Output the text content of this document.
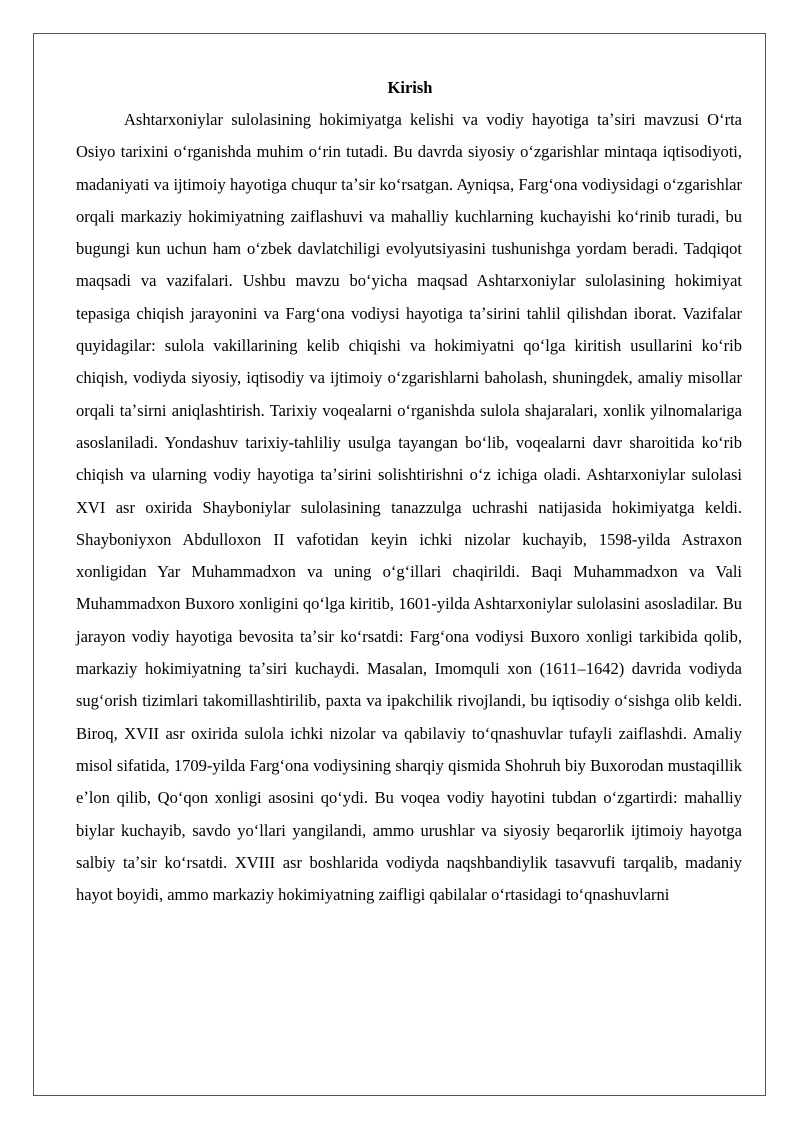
Kirish

Ashtarxoniylar sulolasining hokimiyatga kelishi va vodiy hayotiga taʼsiri mavzusi Oʻrta Osiyo tarixini oʻrganishda muhim oʻrin tutadi. Bu davrda siyosiy oʻzgarishlar mintaqa iqtisodiyoti, madaniyati va ijtimoiy hayotiga chuqur taʼsir koʻrsatgan. Ayniqsa, Fargʻona vodiysidagi oʻzgarishlar orqali markaziy hokimiyatning zaiflashuvi va mahalliy kuchlarning kuchayishi koʻrinib turadi, bu bugungi kun uchun ham oʻzbek davlatchiligi evolyutsiyasini tushunishga yordam beradi. Tadqiqot maqsadi va vazifalari. Ushbu mavzu boʻyicha maqsad Ashtarxoniylar sulolasining hokimiyat tepasiga chiqish jarayonini va Fargʻona vodiysi hayotiga taʼsirini tahlil qilishdan iborat. Vazifalar quyidagilar: sulola vakillarining kelib chiqishi va hokimiyatni qoʻlga kiritish usullarini koʻrib chiqish, vodiyda siyosiy, iqtisodiy va ijtimoiy oʻzgarishlarni baholash, shuningdek, amaliy misollar orqali taʼsirni aniqlashtirish. Tarixiy voqealarni oʻrganishda sulola shajaralari, xonlik yilnomalariga asoslaniladi. Yondashuv tarixiy-tahliliy usulga tayangan boʻlib, voqealarni davr sharoitida koʻrib chiqish va ularning vodiy hayotiga taʼsirini solishtirishni oʻz ichiga oladi. Ashtarxoniylar sulolasi XVI asr oxirida Shayboniylar sulolasining tanazzulga uchrashi natijasida hokimiyatga keldi. Shayboniyxon Abdulloxon II vafotidan keyin ichki nizolar kuchayib, 1598-yilda Astraxon xonligidan Yar Muhammadxon va uning oʻgʻillari chaqirildi. Baqi Muhammadxon va Vali Muhammadxon Buxoro xonligini qoʻlga kiritib, 1601-yilda Ashtarxoniylar sulolasini asosladilar. Bu jarayon vodiy hayotiga bevosita taʼsir koʻrsatdi: Fargʻona vodiysi Buxoro xonligi tarkibida qolib, markaziy hokimiyatning taʼsiri kuchaydi. Masalan, Imomquli xon (1611–1642) davrida vodiyda sugʻorish tizimlari takomillashtirilib, paxta va ipakchilik rivojlandi, bu iqtisodiy oʻsishga olib keldi. Biroq, XVII asr oxirida sulola ichki nizolar va qabilaviy toʻqnashuvlar tufayli zaiflashdi. Amaliy misol sifatida, 1709-yilda Fargʻona vodiysining sharqiy qismida Shohruh biy Buxorodan mustaqillik eʼlon qilib, Qoʻqon xonligi asosini qoʻydi. Bu voqea vodiy hayotini tubdan oʻzgartirdi: mahalliy biylar kuchayib, savdo yoʻllari yangilandi, ammo urushlar va siyosiy beqarorlik ijtimoiy hayotga salbiy taʼsir koʻrsatdi. XVIII asr boshlarida vodiyda naqshbandiylik tasavvufi tarqalib, madaniy hayot boyidi, ammo markaziy hokimiyatning zaifligi qabilalar oʻrtasidagi toʻqnashuvlarni
